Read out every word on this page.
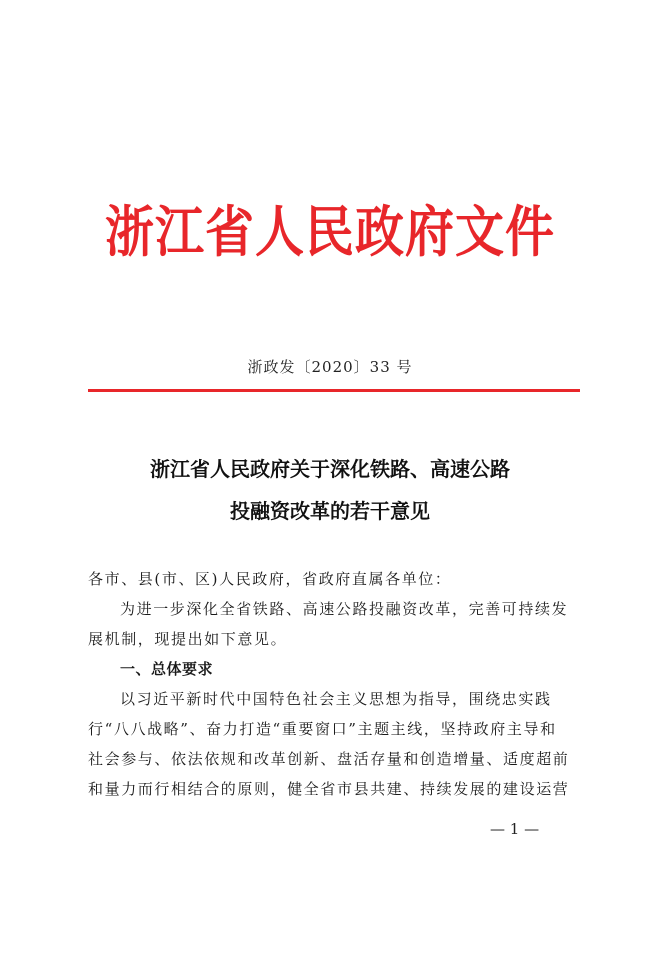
浙江省人民政府文件
浙政发〔2020〕33 号
浙江省人民政府关于深化铁路、高速公路
投融资改革的若干意见
各市、县(市、区)人民政府，省政府直属各单位：
为进一步深化全省铁路、高速公路投融资改革，完善可持续发
展机制，现提出如下意见。
一、总体要求
以习近平新时代中国特色社会主义思想为指导，围绕忠实践
行“八八战略”、奋力打造“重要窗口”主题主线，坚持政府主导和
社会参与、依法依规和改革创新、盘活存量和创造增量、适度超前
和量力而行相结合的原则，健全省市县共建、持续发展的建设运营
— 1 —
